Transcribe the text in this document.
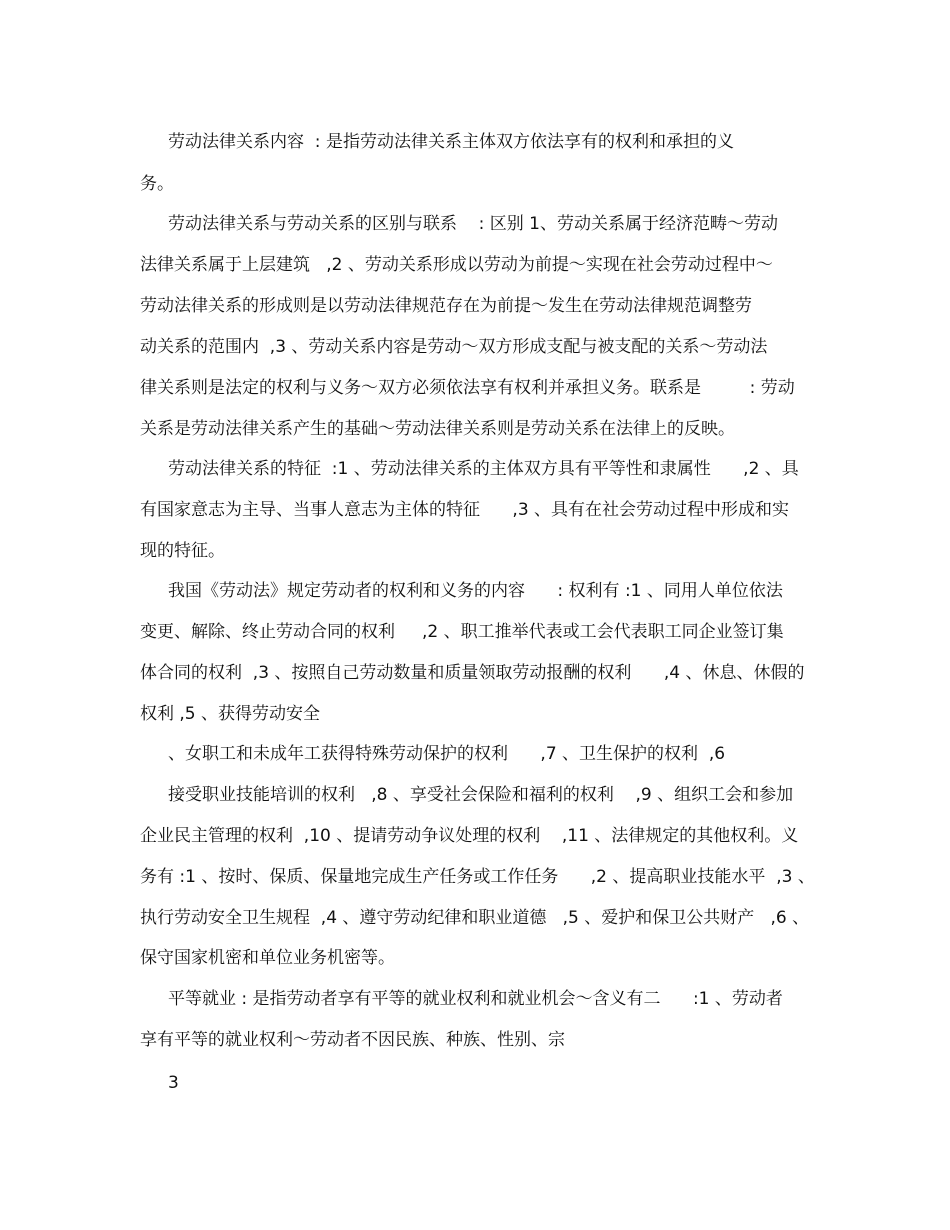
劳动法律关系内容  : 是指劳动法律关系主体双方依法享有的权利和承担的义
务。
劳动法律关系与劳动关系的区别与联系    : 区别 1、劳动关系属于经济范畴～劳动
法律关系属于上层建筑   ,2 、劳动关系形成以劳动为前提～实现在社会劳动过程中～
劳动法律关系的形成则是以劳动法律规范存在为前提～发生在劳动法律规范调整劳
动关系的范围内  ,3 、劳动关系内容是劳动～双方形成支配与被支配的关系～劳动法
律关系则是法定的权利与义务～双方必须依法享有权利并承担义务。联系是         : 劳动
关系是劳动法律关系产生的基础～劳动法律关系则是劳动关系在法律上的反映。
劳动法律关系的特征  :1 、劳动法律关系的主体双方具有平等性和隶属性      ,2 、具
有国家意志为主导、当事人意志为主体的特征      ,3 、具有在社会劳动过程中形成和实
现的特征。
我国《劳动法》规定劳动者的权利和义务的内容      : 权利有 :1 、同用人单位依法
变更、解除、终止劳动合同的权利     ,2 、职工推举代表或工会代表职工同企业签订集
体合同的权利  ,3 、按照自己劳动数量和质量领取劳动报酬的权利      ,4 、休息、休假的
权利 ,5 、获得劳动安全
、女职工和未成年工获得特殊劳动保护的权利      ,7 、卫生保护的权利  ,6
接受职业技能培训的权利   ,8 、享受社会保险和福利的权利    ,9 、组织工会和参加
企业民主管理的权利  ,10 、提请劳动争议处理的权利    ,11 、法律规定的其他权利。义
务有 :1 、按时、保质、保量地完成生产任务或工作任务      ,2 、提高职业技能水平  ,3 、
执行劳动安全卫生规程  ,4 、遵守劳动纪律和职业道德   ,5 、爱护和保卫公共财产   ,6 、
保守国家机密和单位业务机密等。
平等就业 : 是指劳动者享有平等的就业权利和就业机会～含义有二      :1 、劳动者
享有平等的就业权利～劳动者不因民族、种族、性别、宗
3
